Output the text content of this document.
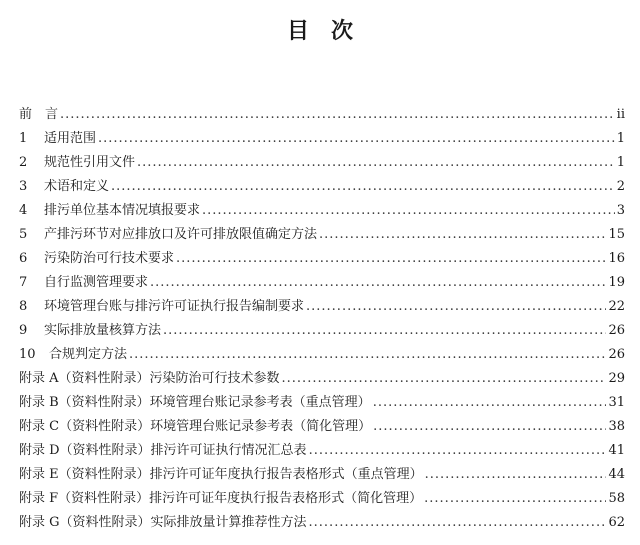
目　次
前　言 .....	ii
1	适用范围 .....	1
2	规范性引用文件 .....	1
3	术语和定义 .....	2
4	排污单位基本情况填报要求 .....	3
5	产排污环节对应排放口及许可排放限值确定方法 .....	15
6	污染防治可行技术要求 .....	16
7	自行监测管理要求 .....	19
8	环境管理台账与排污许可证执行报告编制要求 .....	22
9	实际排放量核算方法 .....	26
10	合规判定方法 .....	26
附录 A（资料性附录）污染防治可行技术参数 .....	29
附录 B（资料性附录）环境管理台账记录参考表（重点管理） .....	31
附录 C（资料性附录）环境管理台账记录参考表（简化管理） .....	38
附录 D（资料性附录）排污许可证执行情况汇总表 .....	41
附录 E（资料性附录）排污许可证年度执行报告表格形式（重点管理） .....	44
附录 F（资料性附录）排污许可证年度执行报告表格形式（简化管理） .....	58
附录 G（资料性附录）实际排放量计算推荐性方法 .....	62
